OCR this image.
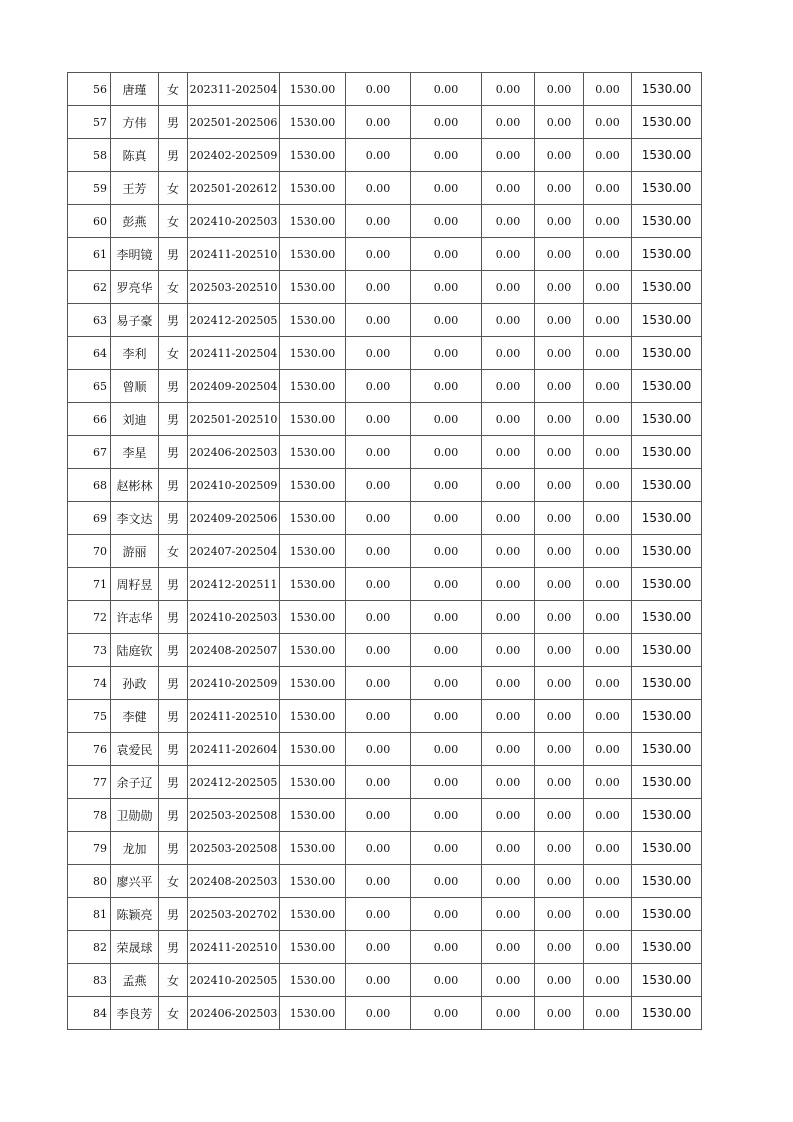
56	唐瑾	女	202311-202504	1530.00	0.00	0.00	0.00	0.00	0.00	1530.00
57	方伟	男	202501-202506	1530.00	0.00	0.00	0.00	0.00	0.00	1530.00
58	陈真	男	202402-202509	1530.00	0.00	0.00	0.00	0.00	0.00	1530.00
59	王芳	女	202501-202612	1530.00	0.00	0.00	0.00	0.00	0.00	1530.00
60	彭燕	女	202410-202503	1530.00	0.00	0.00	0.00	0.00	0.00	1530.00
61	李明镜	男	202411-202510	1530.00	0.00	0.00	0.00	0.00	0.00	1530.00
62	罗亮华	女	202503-202510	1530.00	0.00	0.00	0.00	0.00	0.00	1530.00
63	易子豪	男	202412-202505	1530.00	0.00	0.00	0.00	0.00	0.00	1530.00
64	李利	女	202411-202504	1530.00	0.00	0.00	0.00	0.00	0.00	1530.00
65	曾顺	男	202409-202504	1530.00	0.00	0.00	0.00	0.00	0.00	1530.00
66	刘迪	男	202501-202510	1530.00	0.00	0.00	0.00	0.00	0.00	1530.00
67	李星	男	202406-202503	1530.00	0.00	0.00	0.00	0.00	0.00	1530.00
68	赵彬林	男	202410-202509	1530.00	0.00	0.00	0.00	0.00	0.00	1530.00
69	李文达	男	202409-202506	1530.00	0.00	0.00	0.00	0.00	0.00	1530.00
70	游丽	女	202407-202504	1530.00	0.00	0.00	0.00	0.00	0.00	1530.00
71	周籽昱	男	202412-202511	1530.00	0.00	0.00	0.00	0.00	0.00	1530.00
72	许志华	男	202410-202503	1530.00	0.00	0.00	0.00	0.00	0.00	1530.00
73	陆庭钦	男	202408-202507	1530.00	0.00	0.00	0.00	0.00	0.00	1530.00
74	孙政	男	202410-202509	1530.00	0.00	0.00	0.00	0.00	0.00	1530.00
75	李健	男	202411-202510	1530.00	0.00	0.00	0.00	0.00	0.00	1530.00
76	袁爱民	男	202411-202604	1530.00	0.00	0.00	0.00	0.00	0.00	1530.00
77	余子辽	男	202412-202505	1530.00	0.00	0.00	0.00	0.00	0.00	1530.00
78	卫勋勋	男	202503-202508	1530.00	0.00	0.00	0.00	0.00	0.00	1530.00
79	龙加	男	202503-202508	1530.00	0.00	0.00	0.00	0.00	0.00	1530.00
80	廖兴平	女	202408-202503	1530.00	0.00	0.00	0.00	0.00	0.00	1530.00
81	陈颖亮	男	202503-202702	1530.00	0.00	0.00	0.00	0.00	0.00	1530.00
82	荣晟球	男	202411-202510	1530.00	0.00	0.00	0.00	0.00	0.00	1530.00
83	孟燕	女	202410-202505	1530.00	0.00	0.00	0.00	0.00	0.00	1530.00
84	李良芳	女	202406-202503	1530.00	0.00	0.00	0.00	0.00	0.00	1530.00
